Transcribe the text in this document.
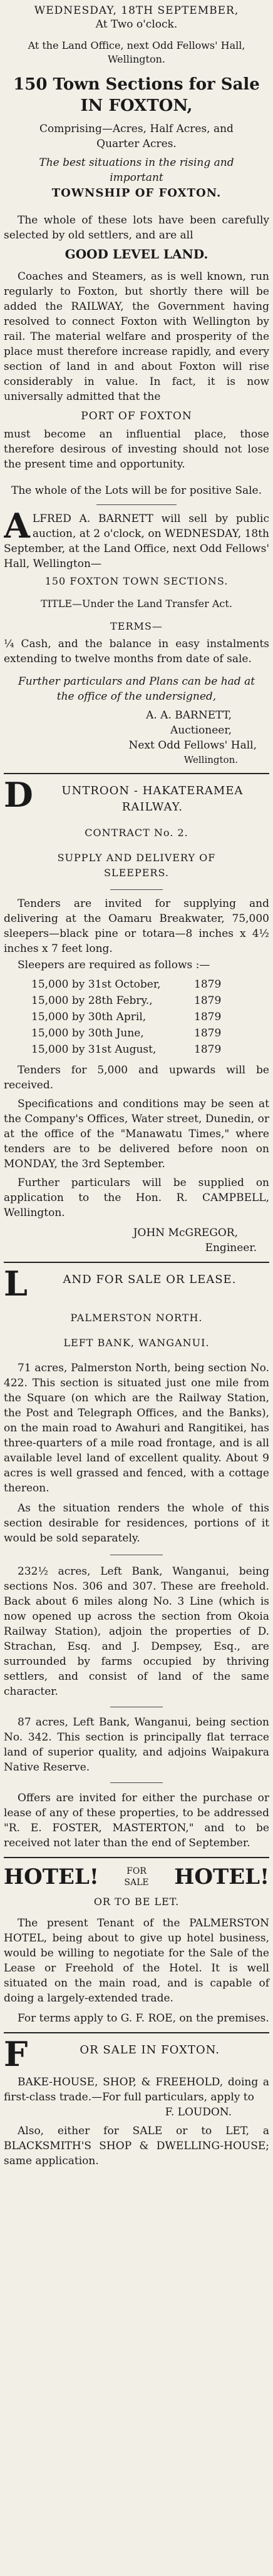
WEDNESDAY, 18TH SEPTEMBER,

At Two o'clock.

At the Land Office, next Odd Fellows' Hall, Wellington.

150 Town Sections for Sale IN FOXTON,

Comprising—Acres, Half Acres, and Quarter Acres.

The best situations in the rising and important

TOWNSHIP OF FOXTON.

The whole of these lots have been carefully selected by old settlers, and are all

GOOD LEVEL LAND.

Coaches and Steamers, as is well known, run regularly to Foxton, but shortly there will be added the RAILWAY, the Government having resolved to connect Foxton with Wellington by rail. The material welfare and prosperity of the place must therefore increase rapidly, and every section of land in and about Foxton will rise considerably in value. In fact, it is now universally admitted that the

PORT OF FOXTON

must become an influential place, those therefore desirous of investing should not lose the present time and opportunity.

The whole of the Lots will be for positive Sale.

A LFRED A. BARNETT will sell by public auction, at 2 o'clock, on WEDNESDAY, 18th September, at the Land Office, next Odd Fellows' Hall, Wellington—

150 FOXTON TOWN SECTIONS.

TITLE—Under the Land Transfer Act.

TERMS—

¼ Cash, and the balance in easy instalments extending to twelve months from date of sale.

Further particulars and Plans can be had at the office of the undersigned,

A. A. BARNETT,

Auctioneer,

Next Odd Fellows' Hall,

Wellington.

D	UNTROON - HAKATERAMEA RAILWAY.

CONTRACT No. 2.

SUPPLY AND DELIVERY OF SLEEPERS.

Tenders are invited for supplying and delivering at the Oamaru Breakwater, 75,000 sleepers—black pine or totara—8 inches x 4½ inches x 7 feet long.

Sleepers are required as follows :—

15,000 by 31st October,	1879
15,000 by 28th Febry.,	1879
15,000 by 30th April,	1879
15,000 by 30th June,	1879
15,000 by 31st August,	1879

Tenders for 5,000 and upwards will be received.

Specifications and conditions may be seen at the Company's Offices, Water street, Dunedin, or at the office of the "Manawatu Times," where tenders are to be delivered before noon on MONDAY, the 3rd September.

Further particulars will be supplied on application to the Hon. R. CAMPBELL, Wellington.

JOHN McGREGOR,

Engineer.

L	AND FOR SALE OR LEASE.

PALMERSTON NORTH.

LEFT BANK, WANGANUI.

71 acres, Palmerston North, being section No. 422. This section is situated just one mile from the Square (on which are the Railway Station, the Post and Telegraph Offices, and the Banks), on the main road to Awahuri and Rangitikei, has three-quarters of a mile road frontage, and is all available level land of excellent quality. About 9 acres is well grassed and fenced, with a cottage thereon.

As the situation renders the whole of this section desirable for residences, portions of it would be sold separately.

232½ acres, Left Bank, Wanganui, being sections Nos. 306 and 307. These are freehold. Back about 6 miles along No. 3 Line (which is now opened up across the section from Okoia Railway Station), adjoin the properties of D. Strachan, Esq. and J. Dempsey, Esq., are surrounded by farms occupied by thriving settlers, and consist of land of the same character.

87 acres, Left Bank, Wanganui, being section No. 342. This section is principally flat terrace land of superior quality, and adjoins Waipakura Native Reserve.

Offers are invited for either the purchase or lease of any of these properties, to be addressed "R. E. FOSTER, MASTERTON," and to be received not later than the end of September.

HOTEL!	FOR
SALE HOTEL!

OR TO BE LET.

The present Tenant of the PALMERSTON HOTEL, being about to give up hotel business, would be willing to negotiate for the Sale of the Lease or Freehold of the Hotel. It is well situated on the main road, and is capable of doing a largely-extended trade.

For terms apply to G. F. ROE, on the premises.

F	OR SALE IN FOXTON.

BAKE-HOUSE, SHOP, & FREEHOLD, doing a first-class trade.—For full particulars, apply to

F. LOUDON.

Also, either for SALE or to LET, a BLACKSMITH'S SHOP & DWELLING-HOUSE; same application.
